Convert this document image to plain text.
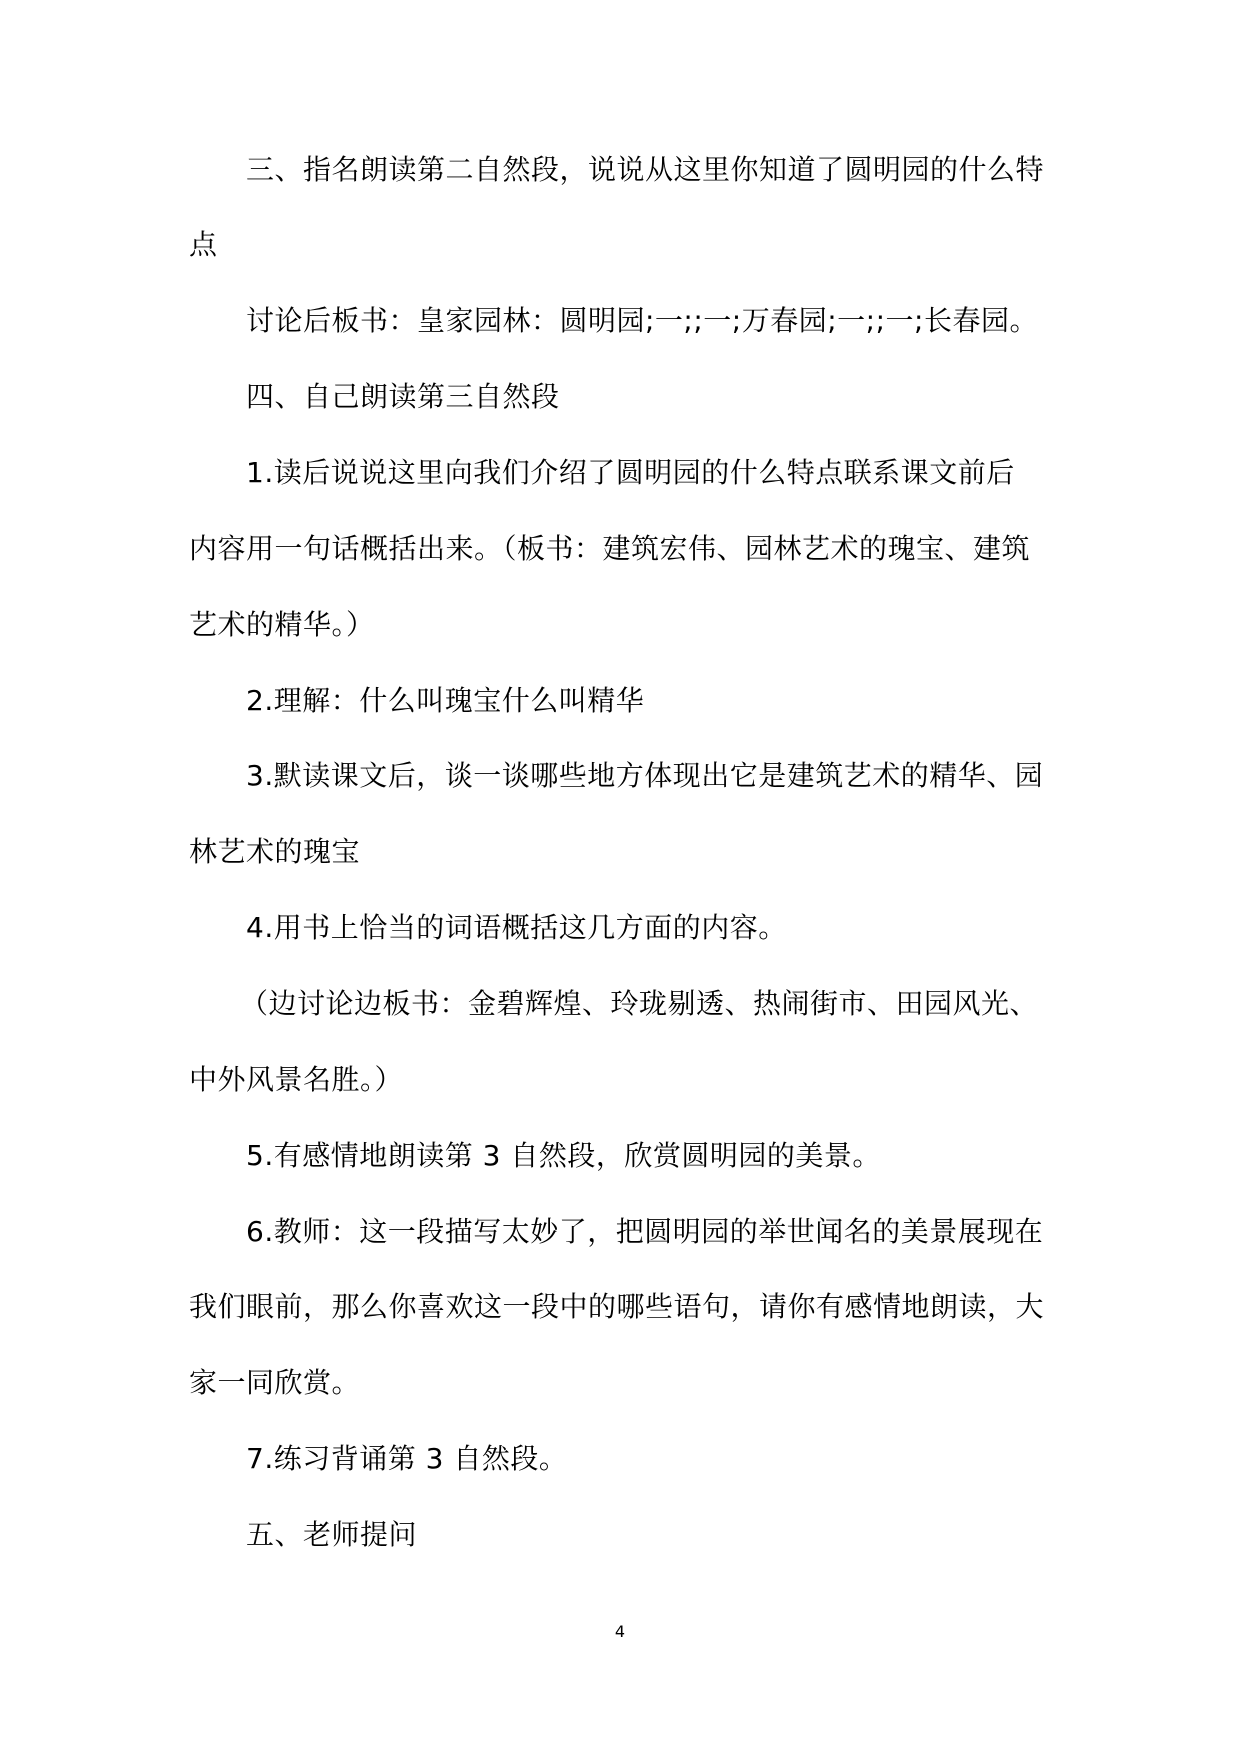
三、指名朗读第二自然段，说说从这里你知道了圆明园的什么特
点
讨论后板书：皇家园林：圆明园;一;;一;万春园;一;;一;长春园。
四、自己朗读第三自然段
1.读后说说这里向我们介绍了圆明园的什么特点联系课文前后
内容用一句话概括出来。（板书：建筑宏伟、园林艺术的瑰宝、建筑
艺术的精华。）
2.理解：什么叫瑰宝什么叫精华
3.默读课文后，谈一谈哪些地方体现出它是建筑艺术的精华、园
林艺术的瑰宝
4.用书上恰当的词语概括这几方面的内容。
（边讨论边板书：金碧辉煌、玲珑剔透、热闹街市、田园风光、
中外风景名胜。）
5.有感情地朗读第 3 自然段，欣赏圆明园的美景。
6.教师：这一段描写太妙了，把圆明园的举世闻名的美景展现在
我们眼前，那么你喜欢这一段中的哪些语句，请你有感情地朗读，大
家一同欣赏。
7.练习背诵第 3 自然段。
五、老师提问
4
